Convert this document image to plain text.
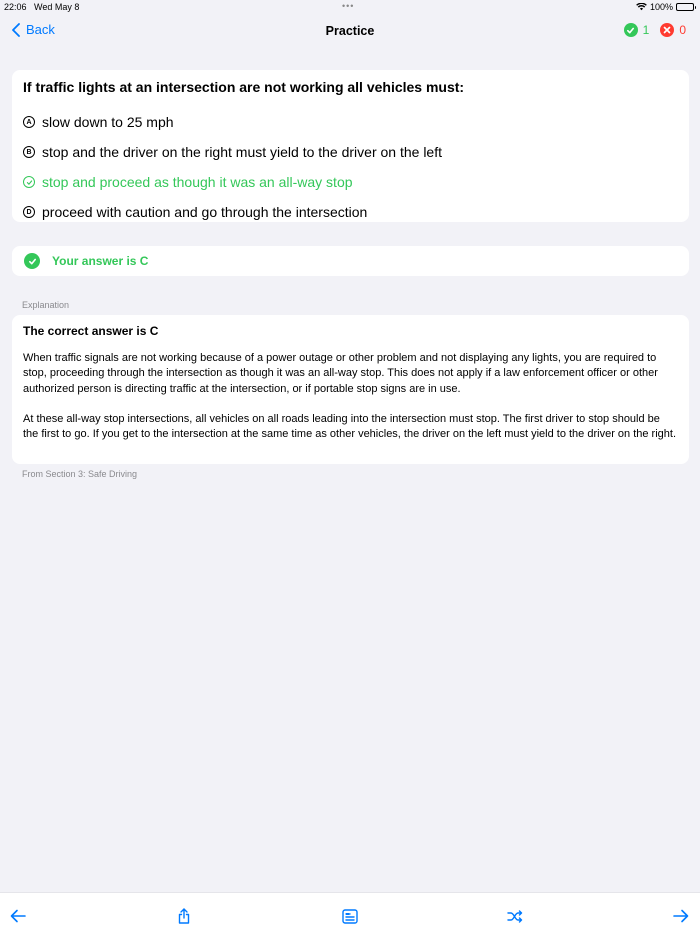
22:06 Wed May 8	•••	100%
Back	Practice	1	0
If traffic lights at an intersection are not working all vehicles must:
A slow down to 25 mph
B stop and the driver on the right must yield to the driver on the left
stop and proceed as though it was an all-way stop
D proceed with caution and go through the intersection
Your answer is C
Explanation
The correct answer is C

When traffic signals are not working because of a power outage or other problem and not displaying any lights, you are required to stop, proceeding through the intersection as though it was an all-way stop. This does not apply if a law enforcement officer or other authorized person is directing traffic at the intersection, or if portable stop signs are in use.

At these all-way stop intersections, all vehicles on all roads leading into the intersection must stop. The first driver to stop should be the first to go. If you get to the intersection at the same time as other vehicles, the driver on the left must yield to the driver on the right.

From Section 3: Safe Driving
